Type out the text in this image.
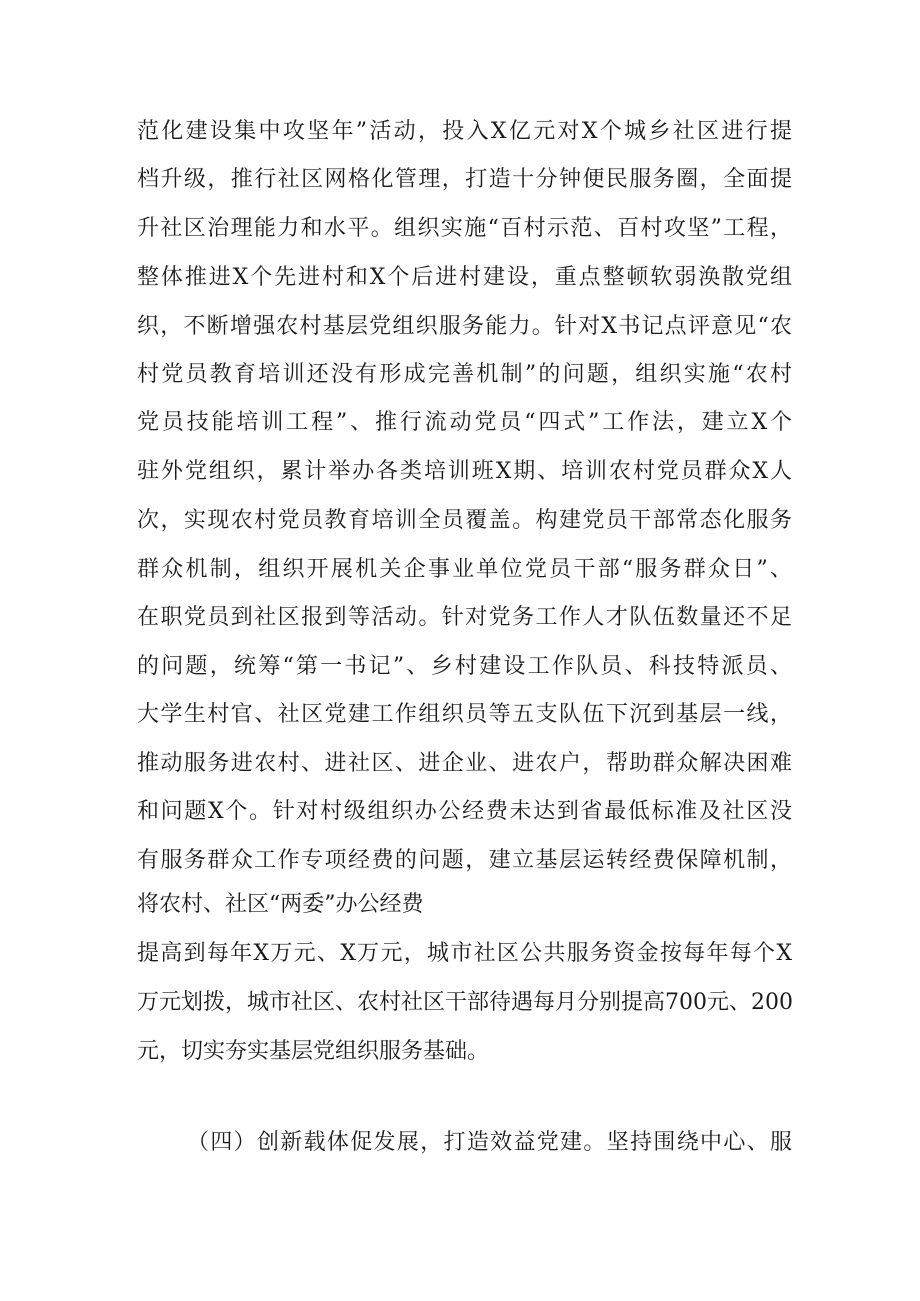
范化建设集中攻坚年”活动，投入X亿元对X个城乡社区进行提
档升级，推行社区网格化管理，打造十分钟便民服务圈，全面提
升社区治理能力和水平。组织实施“百村示范、百村攻坚”工程，
整体推进X个先进村和X个后进村建设，重点整顿软弱涣散党组
织，不断增强农村基层党组织服务能力。针对X书记点评意见“农
村党员教育培训还没有形成完善机制”的问题，组织实施“农村
党员技能培训工程”、推行流动党员“四式”工作法，建立X个
驻外党组织，累计举办各类培训班X期、培训农村党员群众X人
次，实现农村党员教育培训全员覆盖。构建党员干部常态化服务
群众机制，组织开展机关企事业单位党员干部“服务群众日”、
在职党员到社区报到等活动。针对党务工作人才队伍数量还不足
的问题，统筹“第一书记”、乡村建设工作队员、科技特派员、
大学生村官、社区党建工作组织员等五支队伍下沉到基层一线，
推动服务进农村、进社区、进企业、进农户，帮助群众解决困难
和问题X个。针对村级组织办公经费未达到省最低标准及社区没
有服务群众工作专项经费的问题，建立基层运转经费保障机制，
将农村、社区“两委”办公经费
提高到每年X万元、X万元，城市社区公共服务资金按每年每个X
万元划拨，城市社区、农村社区干部待遇每月分别提高700元、200
元，切实夯实基层党组织服务基础。
（四）创新载体促发展，打造效益党建。坚持围绕中心、服
